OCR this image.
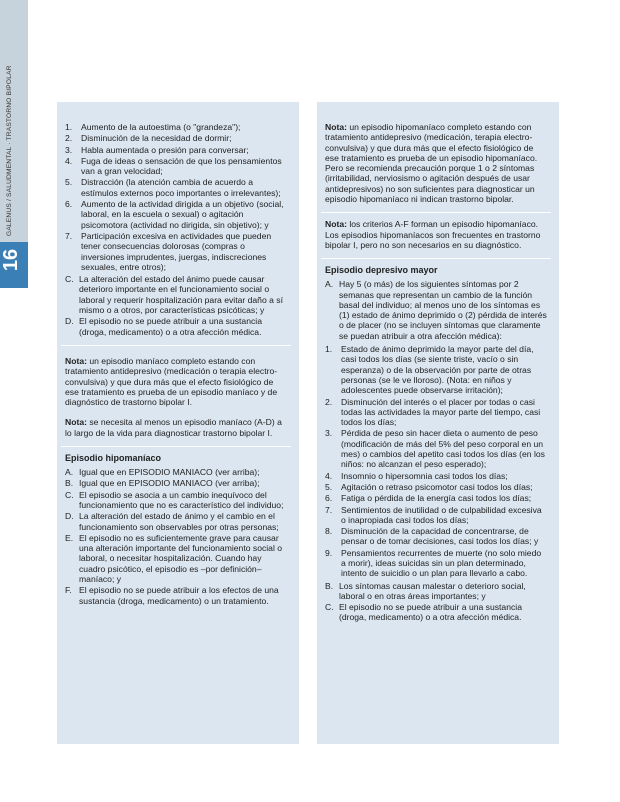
16
GALENUS / SALUDMENTAL · TRASTORNO BIPOLAR	1. Aumento de la autoestima (o "grandeza");
2. Disminución de la necesidad de dormir;
3. Habla aumentada o presión para conversar;
4. Fuga de ideas o sensación de que los pensamientos van a gran velocidad;
5. Distracción (la atención cambia de acuerdo a estímulos externos poco importantes o irrelevantes);
6. Aumento de la actividad dirigida a un objetivo (social, laboral, en la escuela o sexual) o agitación psicomotora (actividad no dirigida, sin objetivo); y
7. Participación excesiva en actividades que pueden tener consecuencias dolorosas (compras o inversiones imprudentes, juergas, indiscreciones sexuales, entre otros);
C. La alteración del estado del ánimo puede causar deterioro importante en el funcionamiento social o laboral y requerir hospitalización para evitar daño a sí mismo o a otros, por características psicóticas; y
D. El episodio no se puede atribuir a una sustancia (droga, medicamento) o a otra afección médica.

Nota: un episodio maníaco completo estando con tratamiento antidepresivo (medicación o terapia electro- convulsiva) y que dura más que el efecto fisiológico de ese tratamiento es prueba de un episodio maníaco y de diagnóstico de trastorno bipolar I.

Nota: se necesita al menos un episodio maníaco (A-D) a lo largo de la vida para diagnosticar trastorno bipolar I.

Episodio hipomaníaco
A. Igual que en EPISODIO MANIACO (ver arriba);
B. Igual que en EPISODIO MANIACO (ver arriba);
C. El episodio se asocia a un cambio inequívoco del funcionamiento que no es característico del individuo;
D. La alteración del estado de ánimo y el cambio en el funcionamiento son observables por otras personas;
E. El episodio no es suficientemente grave para causar una alteración importante del funcionamiento social o laboral, o necesitar hospitalización. Cuando hay cuadro psicótico, el episodio es –por definición– maníaco; y
F. El episodio no se puede atribuir a los efectos de una sustancia (droga, medicamento) o un tratamiento.

Nota: un episodio hipomaníaco completo estando con tratamiento antidepresivo (medicación, terapia electro-convulsiva) y que dura más que el efecto fisiológico de ese tratamiento es prueba de un episodio hipomaníaco. Pero se recomienda precaución porque 1 o 2 síntomas (irritabilidad, nerviosismo o agitación después de usar antidepresivos) no son suficientes para diagnosticar un episodio hipomaníaco ni indican trastorno bipolar.

Nota: los criterios A-F forman un episodio hipomaníaco. Los episodios hipomaníacos son frecuentes en trastorno bipolar I, pero no son necesarios en su diagnóstico.

Episodio depresivo mayor
A. Hay 5 (o más) de los siguientes síntomas por 2 semanas que representan un cambio de la función basal del individuo; al menos uno de los síntomas es (1) estado de ánimo deprimido o (2) pérdida de interés o de placer (no se incluyen síntomas que claramente se puedan atribuir a otra afección médica):
1. Estado de ánimo deprimido la mayor parte del día, casi todos los días (se siente triste, vacío o sin esperanza) o de la observación por parte de otras personas (se le ve lloroso). (Nota: en niños y adolescentes puede observarse irritación);
2. Disminución del interés o el placer por todas o casi todas las actividades la mayor parte del tiempo, casi todos los días;
3. Pérdida de peso sin hacer dieta o aumento de peso (modificación de más del 5% del peso corporal en un mes) o cambios del apetito casi todos los días (en los niños: no alcanzan el peso esperado);
4. Insomnio o hipersomnia casi todos los días;
5. Agitación o retraso psicomotor casi todos los días;
6. Fatiga o pérdida de la energía casi todos los días;
7. Sentimientos de inutilidad o de culpabilidad excesiva o inapropiada casi todos los días;
8. Disminución de la capacidad de concentrarse, de pensar o de tomar decisiones, casi todos los días; y
9. Pensamientos recurrentes de muerte (no solo miedo a morir), ideas suicidas sin un plan determinado, intento de suicidio o un plan para llevarlo a cabo.
B. Los síntomas causan malestar o deterioro social, laboral o en otras áreas importantes; y
C. El episodio no se puede atribuir a una sustancia (droga, medicamento) o a otra afección médica.
